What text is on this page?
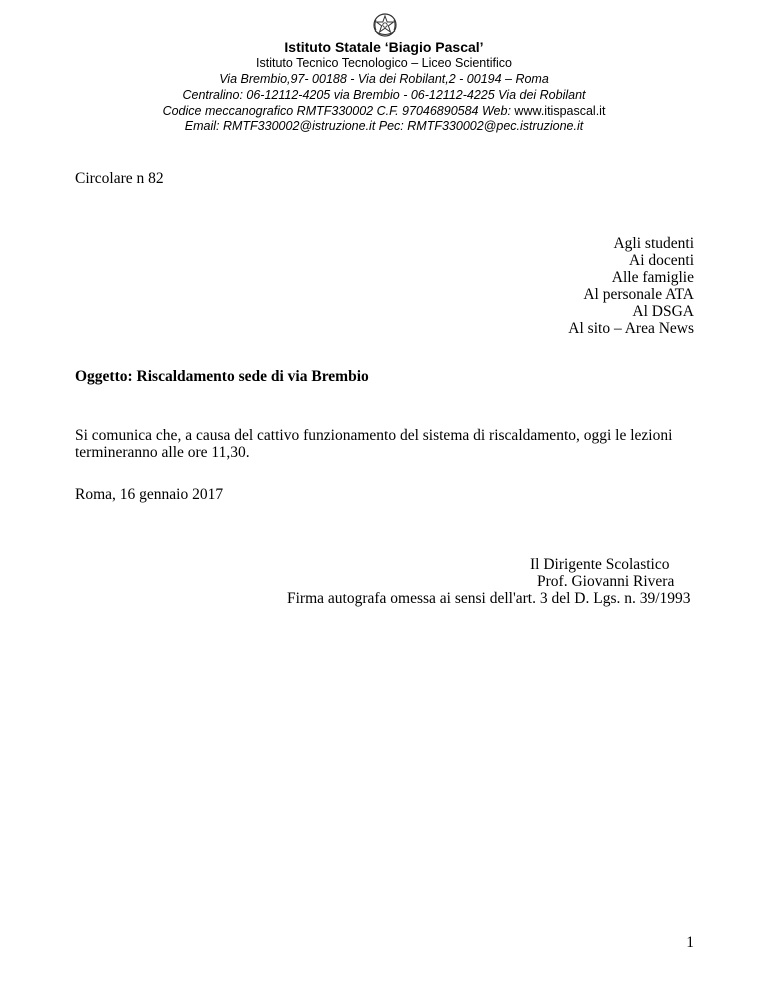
Istituto Statale ‘Biagio Pascal’
Istituto Tecnico Tecnologico – Liceo Scientifico
Via Brembio,97- 00188 - Via dei Robilant,2 - 00194 – Roma
Centralino: 06-12112-4205 via Brembio - 06-12112-4225 Via dei Robilant
Codice meccanografico RMTF330002 C.F. 97046890584 Web: www.itispascal.it
Email: RMTF330002@istruzione.it Pec: RMTF330002@pec.istruzione.it
Circolare n 82
Agli studenti
Ai docenti
Alle famiglie
Al personale ATA
Al DSGA
Al sito – Area News
Oggetto: Riscaldamento sede di via Brembio
Si comunica che, a causa del cattivo funzionamento del sistema di riscaldamento, oggi le lezioni
termineranno alle ore 11,30.
Roma, 16 gennaio 2017
Il Dirigente Scolastico
Prof. Giovanni Rivera
Firma autografa omessa ai sensi dell'art. 3 del D. Lgs. n. 39/1993
1
